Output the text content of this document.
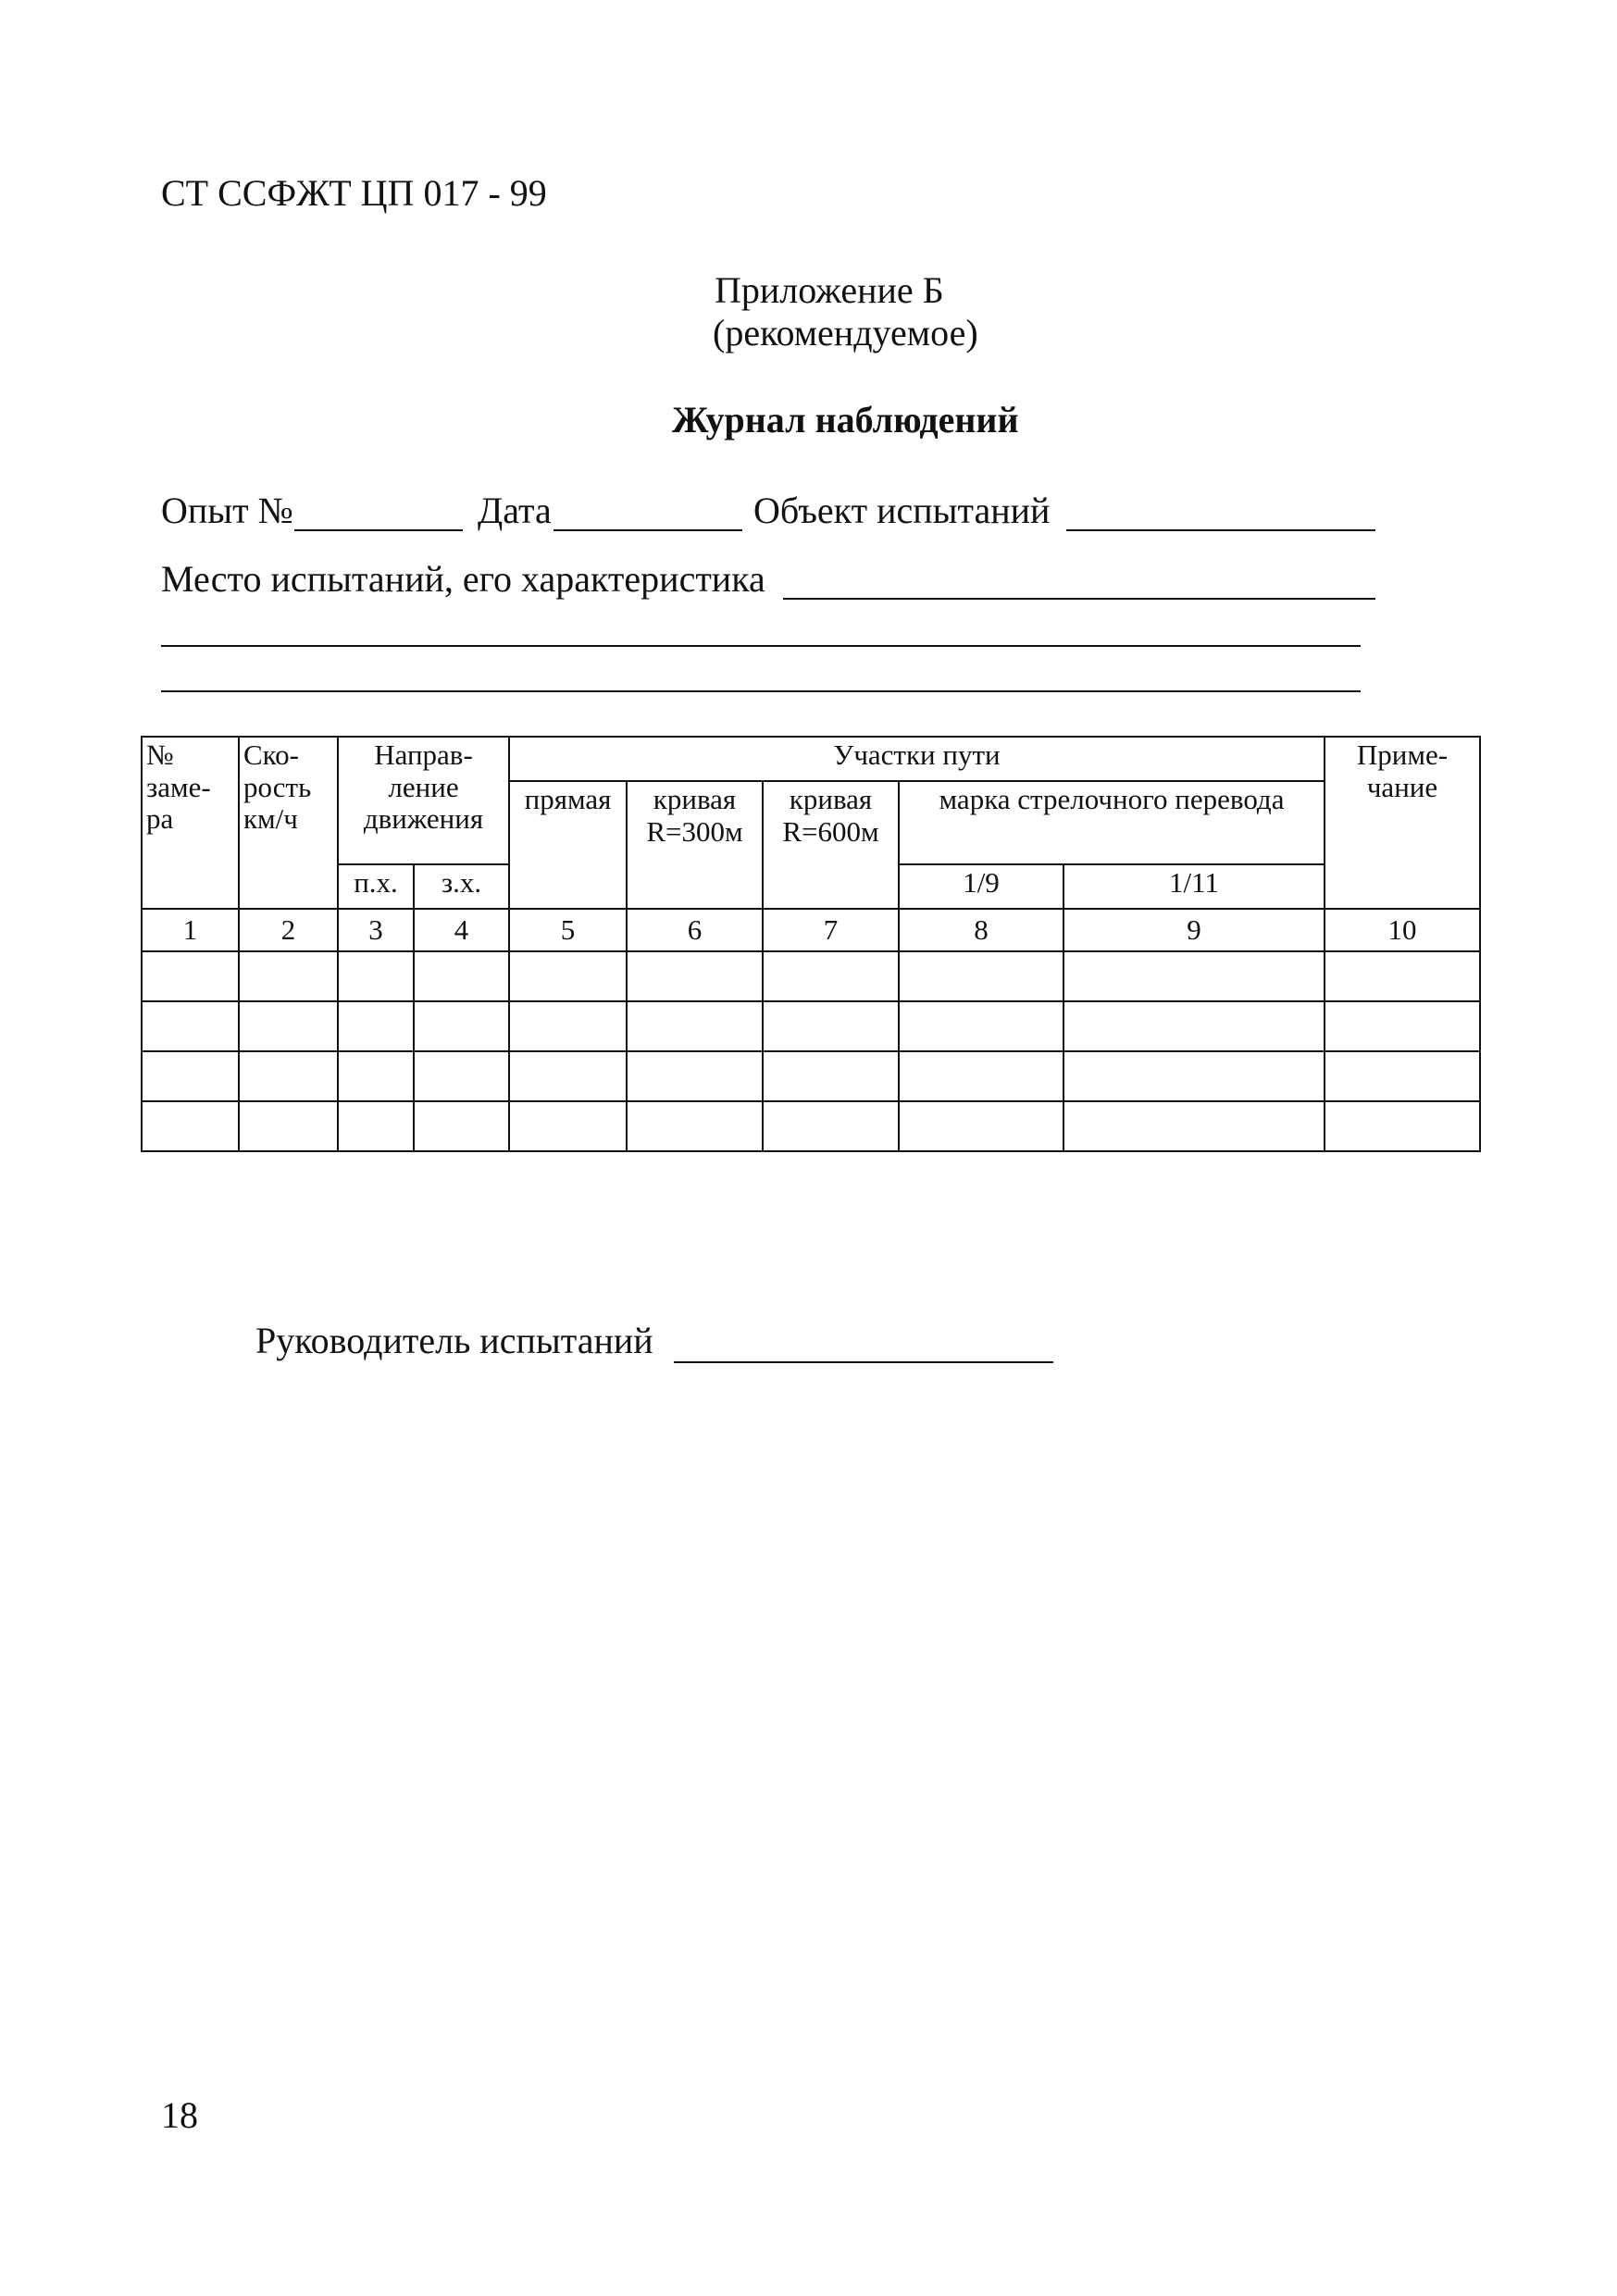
СТ ССФЖТ ЦП 017 - 99
Приложение Б
(рекомендуемое)
Журнал наблюдений
Опыт №	Дата	Объект испытаний
Место испытаний, его характеристика
№ заме-ра	Ско-рость км/ч	Направ-ление движения		Участки пути					Приме-чание
				прямая	кривая R=300м	кривая R=600м	марка стрелочного перевода		
		п.х.	з.х.				1/9	1/11	
1	2	3	4	5	6	7	8	9	10

Руководитель испытаний
18
